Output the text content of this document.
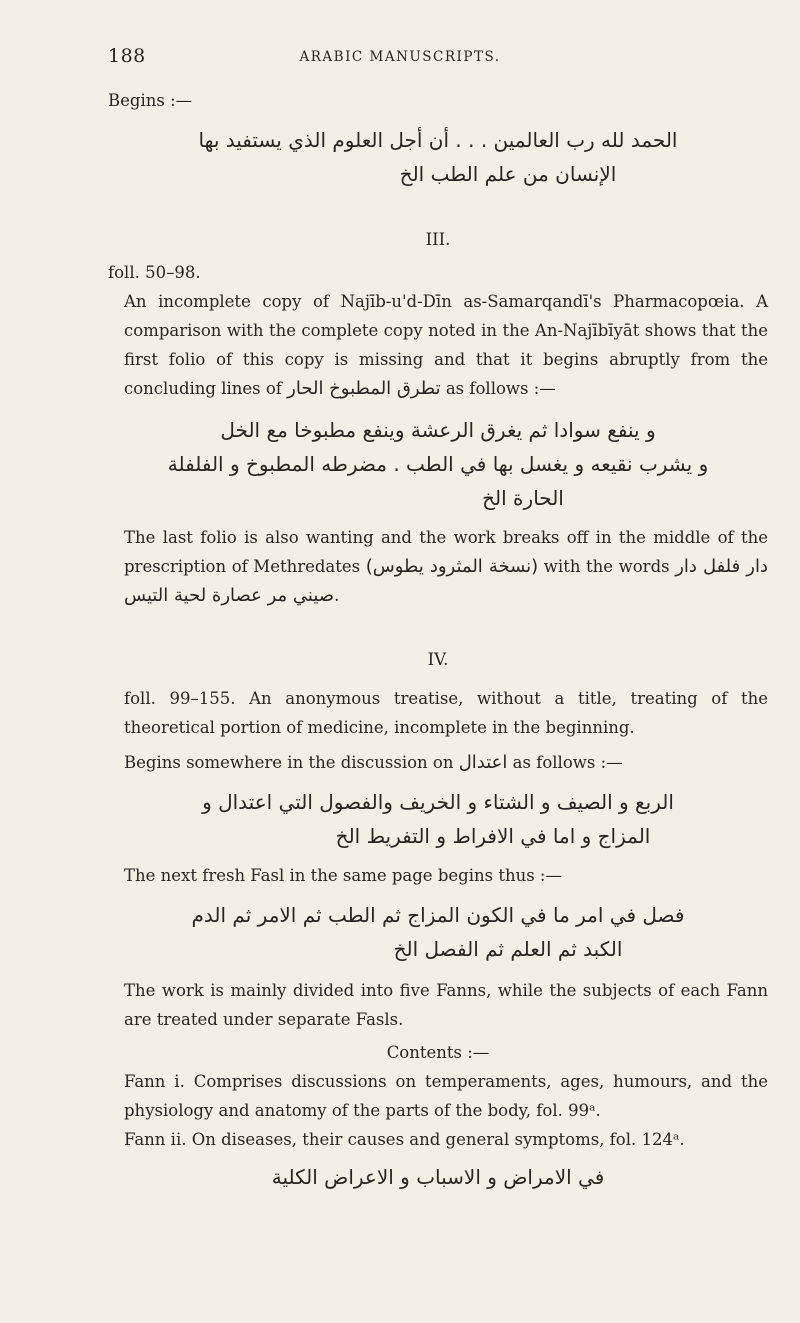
188	ARABIC MANUSCRIPTS.

Begins :—

الحمد لله رب العالمين . . . أن أجل العلوم الذي يستفيد بها

الإنسان من علم الطب الخ

III.

foll. 50–98.

An incomplete copy of Najīb-u'd-Dīn as-Samarqandī's Pharmacopœia. A comparison with the complete copy noted in the An-Najībīyāt shows that the first folio of this copy is missing and that it begins abruptly from the concluding lines of تطرق المطبوخ الحار as follows :—

و ينفع سوادا ثم يغرق الرعشة وينفع مطبوخا مع الخل

و يشرب نقيعه و يغسل بها في الطب . مضرطه المطبوخ و الفلفلة

الحارة الخ

The last folio is also wanting and the work breaks off in the middle of the prescription of Methredates (نسخة المثرود يطوس) with the words دار فلفل دار صيني مر عصارة لحية التيس.

IV.

foll. 99–155. An anonymous treatise, without a title, treating of the theoretical portion of medicine, incomplete in the beginning.

Begins somewhere in the discussion on اعتدال as follows :—

الربع و الصيف و الشتاء و الخريف والفصول التي اعتدال و

المزاج و اما في الافراط و التفريط الخ

The next fresh Fasl in the same page begins thus :—

فصل في امر ما في الكون المزاج ثم الطب ثم الامر ثم الدم

الكبد ثم العلم ثم الفصل الخ

The work is mainly divided into five Fanns, while the subjects of each Fann are treated under separate Fasls.

Contents :—

Fann i. Comprises discussions on temperaments, ages, humours, and the physiology and anatomy of the parts of the body, fol. 99ᵃ.

Fann ii. On diseases, their causes and general symptoms, fol. 124ᵃ.

في الامراض و الاسباب و الاعراض الكلية
